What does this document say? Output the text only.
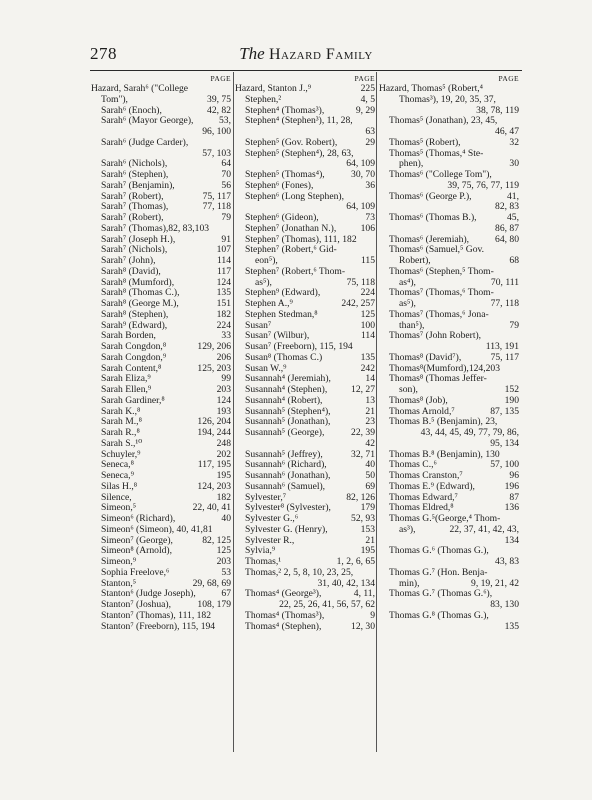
278	The Hazard Family
PAGE
Hazard, Sarah⁶ ("College
Tom"),	39, 75
Sarah⁶ (Enoch),	42, 82
Sarah⁶ (Mayor George),	53,
96, 100
Sarah⁶ (Judge Carder),
57, 103
Sarah⁶ (Nichols),	64
Sarah⁶ (Stephen),	70
Sarah⁷ (Benjamin),	56
Sarah⁷ (Robert),	75, 117
Sarah⁷ (Thomas),	77, 118
Sarah⁷ (Robert),	79
Sarah⁷ (Thomas),82, 83,103
Sarah⁷ (Joseph H.),	91
Sarah⁷ (Nichols),	107
Sarah⁷ (John),	114
Sarah⁸ (David),	117
Sarah⁸ (Mumford),	124
Sarah⁸ (Thomas C.),	135
Sarah⁸ (George M.),	151
Sarah⁸ (Stephen),	182
Sarah⁹ (Edward),	224
Sarah Borden,	33
Sarah Congdon,⁸	129, 206
Sarah Congdon,⁹	206
Sarah Content,⁸	125, 203
Sarah Eliza,⁹	99
Sarah Ellen,⁹	203
Sarah Gardiner,⁸	124
Sarah K.,⁸	193
Sarah M.,⁸	126, 204
Sarah R.,⁸	194, 244
Sarah S.,¹⁰	248
Schuyler,⁹	202
Seneca,⁸	117, 195
Seneca,⁹	195
Silas H.,⁸	124, 203
Silence,	182
Simeon,⁵	22, 40, 41
Simeon⁶ (Richard),	40
Simeon⁶ (Simeon), 40, 41,81
Simeon⁷ (George),	82, 125
Simeon⁸ (Arnold),	125
Simeon,⁹	203
Sophia Freelove,⁶	53
Stanton,⁵	29, 68, 69
Stanton⁶ (Judge Joseph),	67
Stanton⁷ (Joshua),	108, 179
Stanton⁷ (Thomas), 111, 182
Stanton⁷ (Freeborn), 115, 194
PAGE
Hazard, Stanton J.,⁹	225
Stephen,²	4, 5
Stephen⁴ (Thomas³),	9, 29
Stephen⁴ (Stephen³), 11, 28,
63
Stephen⁵ (Gov. Robert),	29
Stephen⁵ (Stephen⁴), 28, 63,
64, 109
Stephen⁵ (Thomas⁴),	30, 70
Stephen⁶ (Fones),	36
Stephen⁶ (Long Stephen),
64, 109
Stephen⁶ (Gideon),	73
Stephen⁷ (Jonathan N.),	106
Stephen⁷ (Thomas), 111, 182
Stephen⁷ (Robert,⁶ Gid-
eon⁵),	115
Stephen⁷ (Robert,⁶ Thom-
as⁵),	75, 118
Stephen⁹ (Edward),	224
Stephen A.,⁹	242, 257
Stephen Stedman,⁸	125
Susan⁷	100
Susan⁷ (Wilbur),	114
Susan⁷ (Freeborn), 115, 194
Susan⁸ (Thomas C.)	135
Susan W.,⁹	242
Susannah⁴ (Jeremiah),	14
Susannah⁴ (Stephen), 12, 27
Susannah⁴ (Robert),	13
Susannah⁵ (Stephen⁴),	21
Susannah⁵ (Jonathan),	23
Susannah⁵ (George),	22, 39
42
Susannah⁵ (Jeffrey),	32, 71
Susannah⁶ (Richard),	40
Susannah⁶ (Jonathan),	50
Susannah⁶ (Samuel),	69
Sylvester,⁷	82, 126
Sylvester⁸ (Sylvester),	179
Sylvester G.,⁶	52, 93
Sylvester G. (Henry),	153
Sylvester R.,	21
Sylvia,⁹	195
Thomas,¹	1, 2, 6, 65
Thomas,² 2, 5, 8, 10, 23, 25,
31, 40, 42, 134
Thomas⁴ (George³),	4, 11,
22, 25, 26, 41, 56, 57, 62
Thomas⁴ (Thomas³),	9
Thomas⁴ (Stephen),	12, 30
PAGE
Hazard, Thomas⁵ (Robert,⁴
Thomas³), 19, 20, 35, 37,

38, 78, 119
Thomas⁵ (Jonathan), 23, 45,
46, 47
Thomas⁵ (Robert),	32
Thomas⁵ (Thomas,⁴ Ste-
phen),	30
Thomas⁶ ("College Tom"),
39, 75, 76, 77, 119
Thomas⁶ (George P.),	41,
82, 83
Thomas⁶ (Thomas B.),	45,
86, 87
Thomas⁶ (Jeremiah),	64, 80
Thomas⁶ (Samuel,⁵ Gov.
Robert),	68
Thomas⁶ (Stephen,⁵ Thom-
as⁴),	70, 111
Thomas⁷ (Thomas,⁶ Thom-
as⁵),	77, 118
Thomas⁷ (Thomas,⁶ Jona-
than⁵),	79
Thomas⁷ (John Robert),
113, 191
Thomas⁸ (David⁷),	75, 117
Thomas⁸(Mumford),124,203
Thomas⁸ (Thomas Jeffer-
son),	152
Thomas⁸ (Job),	190
Thomas Arnold,⁷	87, 135
Thomas B.⁵ (Benjamin), 23,
43, 44, 45, 49, 77, 79, 86,
95, 134
Thomas B.⁸ (Benjamin), 130
Thomas C.,⁶	57, 100
Thomas Cranston,⁷	96
Thomas E.⁹ (Edward),	196
Thomas Edward,⁷	87
Thomas Eldred,⁸	136
Thomas G.⁵(George,⁴ Thom-
as³),	22, 37, 41, 42, 43,
134
Thomas G.⁶ (Thomas G.),
43, 83
Thomas G.⁷ (Hon. Benja-
min),	9, 19, 21, 42
Thomas G.⁷ (Thomas G.⁶),
83, 130
Thomas G.⁸ (Thomas G.),
135
